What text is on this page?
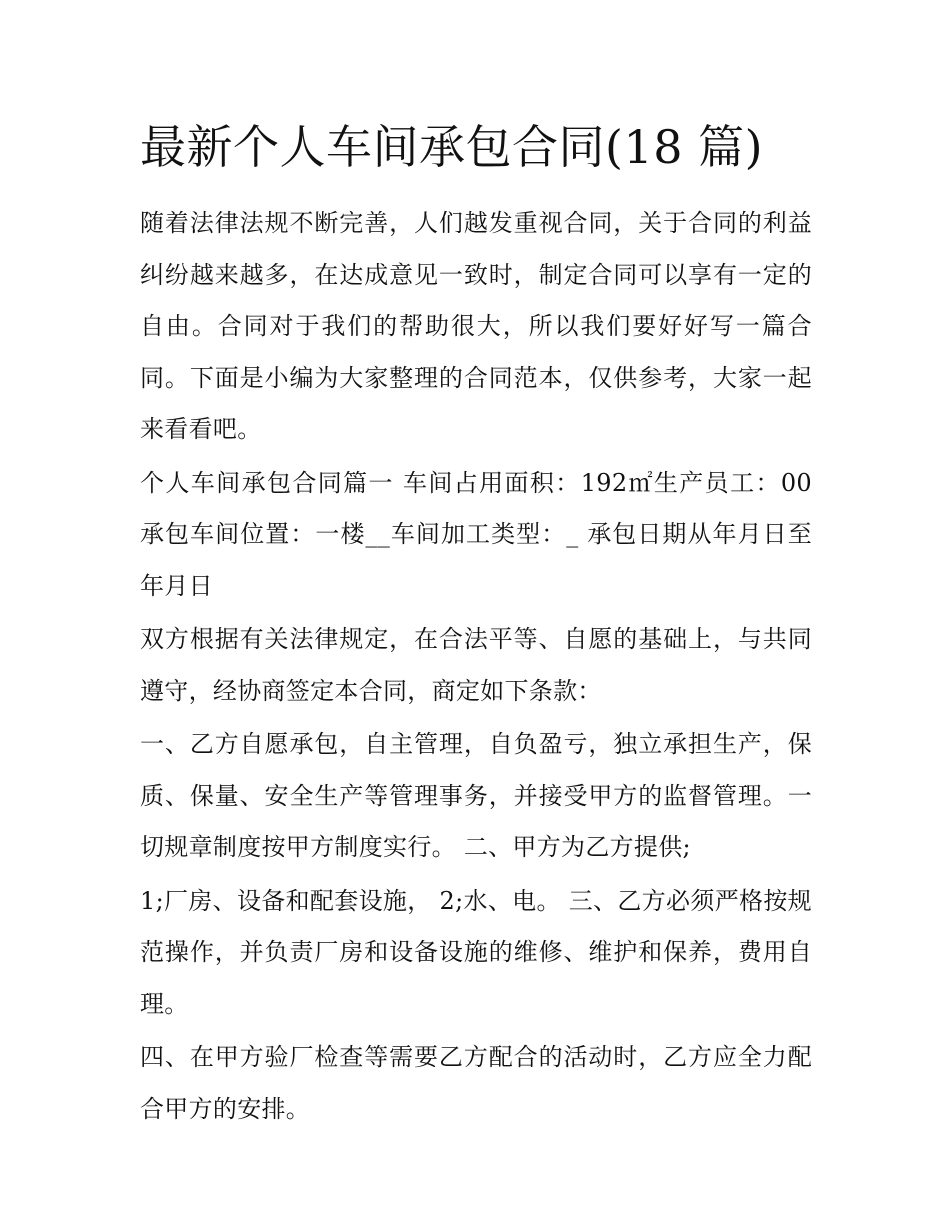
最新个人车间承包合同(18 篇)

随着法律法规不断完善，人们越发重视合同，关于合同的利益纠纷越来越多，在达成意见一致时，制定合同可以享有一定的自由。合同对于我们的帮助很大，所以我们要好好写一篇合同。下面是小编为大家整理的合同范本，仅供参考，大家一起来看看吧。

个人车间承包合同篇一 车间占用面积：192㎡生产员工：00 承包车间位置：一楼__车间加工类型：_ 承包日期从年月日至年月日

双方根据有关法律规定，在合法平等、自愿的基础上，与共同遵守，经协商签定本合同，商定如下条款：

一、乙方自愿承包，自主管理，自负盈亏，独立承担生产，保质、保量、安全生产等管理事务，并接受甲方的监督管理。一切规章制度按甲方制度实行。 二、甲方为乙方提供;

1;厂房、设备和配套设施， 2;水、电。 三、乙方必须严格按规范操作，并负责厂房和设备设施的维修、维护和保养，费用自理。

四、在甲方验厂检查等需要乙方配合的活动时，乙方应全力配合甲方的安排。
